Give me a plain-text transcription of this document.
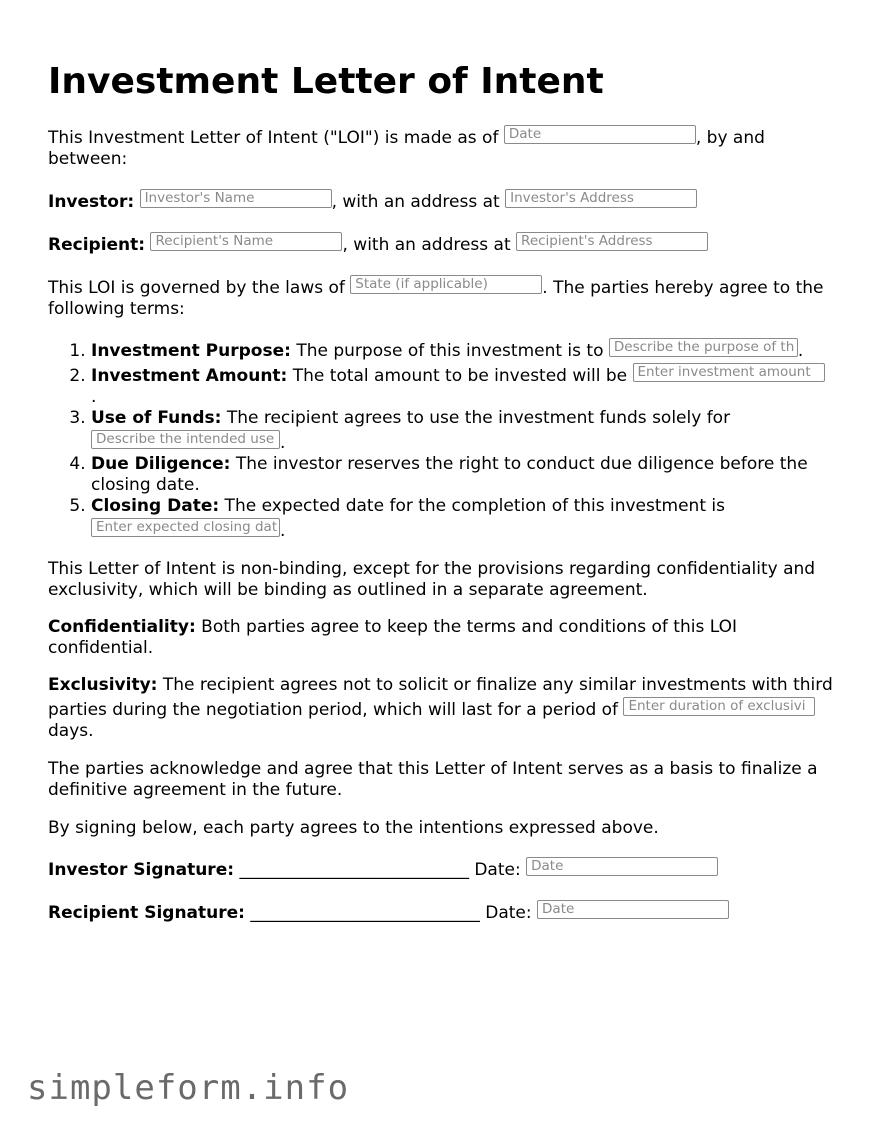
Investment Letter of Intent

This Investment Letter of Intent ("LOI") is made as of Date	, by and between:

Investor: Investor's Name	, with an address at Investor's Address

Recipient: Recipient's Name	, with an address at Recipient's Address

This LOI is governed by the laws of State (if applicable)	. The parties hereby agree to the following terms:

1. Investment Purpose: The purpose of this investment is to Describe the purpose of th .
2. Investment Amount: The total amount to be invested will be Enter investment amount
.
3. Use of Funds: The recipient agrees to use the investment funds solely for Describe the intended use .
4. Due Diligence: The investor reserves the right to conduct due diligence before the closing date.
5. Closing Date: The expected date for the completion of this investment is Enter expected closing dat .

This Letter of Intent is non-binding, except for the provisions regarding confidentiality and exclusivity, which will be binding as outlined in a separate agreement.

Confidentiality: Both parties agree to keep the terms and conditions of this LOI confidential.

Exclusivity: The recipient agrees not to solicit or finalize any similar investments with third parties during the negotiation period, which will last for a period of Enter duration of exclusivi days.

The parties acknowledge and agree that this Letter of Intent serves as a basis to finalize a definitive agreement in the future.

By signing below, each party agrees to the intentions expressed above.

Investor Signature: ___________________________ Date: Date

Recipient Signature: ___________________________ Date: Date

simpleform.info
